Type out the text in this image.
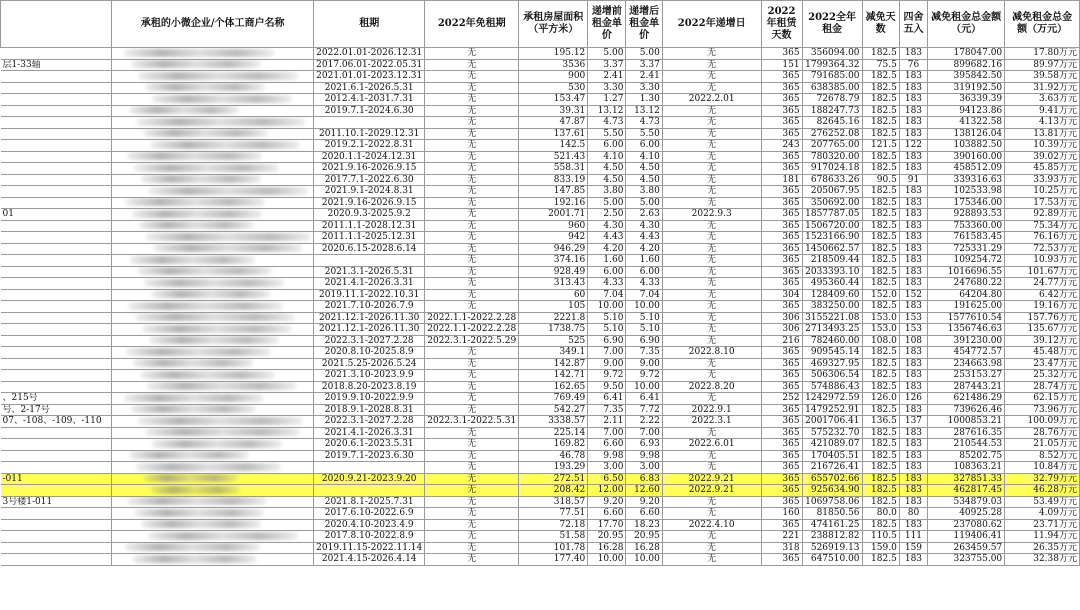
	承租的小微企业/个体工商户名称	租期	2022年免租期	承租房屋面积（平方米）	递增前租金单价	递增后租金单价	2022年递增日	2022年租赁天数	2022全年租金	减免天数	四舍五入	减免租金总金额（元）	减免租金总金额（万元）
		2022.01.01-2026.12.31	无	195.12	5.00	5.00	无	365	356094.00	182.5	183	178047.00	17.80万元
层1-33轴		2017.06.01-2022.05.31	无	3536	3.37	3.37	无	151	1799364.32	75.5	76	899682.16	89.97万元
		2021.01.01-2023.12.31	无	900	2.41	2.41	无	365	791685.00	182.5	183	395842.50	39.58万元
		2021.6.1-2026.5.31	无	530	3.30	3.30	无	365	638385.00	182.5	183	319192.50	31.92万元
		2012.4.1-2031.7.31	无	153.47	1.27	1.30	2022.2.01	365	72678.79	182.5	183	36339.39	3.63万元
		2019.7.1-2024.6.30	无	39.31	13.12	13.12	无	365	188247.73	182.5	183	94123.86	9.41万元
			无	47.87	4.73	4.73	无	365	82645.16	182.5	183	41322.58	4.13万元
		2011.10.1-2029.12.31	无	137.61	5.50	5.50	无	365	276252.08	182.5	183	138126.04	13.81万元
		2019.2.1-2022.8.31	无	142.5	6.00	6.00	无	243	207765.00	121.5	122	103882.50	10.39万元
		2020.1.1-2024.12.31	无	521.43	4.10	4.10	无	365	780320.00	182.5	183	390160.00	39.02万元
		2021.9.16-2026.9.15	无	558.31	4.50	4.50	无	365	917024.18	182.5	183	458512.09	45.85万元
		2017.7.1-2022.6.30	无	833.19	4.50	4.50	无	181	678633.26	90.5	91	339316.63	33.93万元
		2021.9.1-2024.8.31	无	147.85	3.80	3.80	无	365	205067.95	182.5	183	102533.98	10.25万元
		2021.9.16-2026.9.15	无	192.16	5.00	5.00	无	365	350692.00	182.5	183	175346.00	17.53万元
01		2020.9.3-2025.9.2	无	2001.71	2.50	2.63	2022.9.3	365	1857787.05	182.5	183	928893.53	92.89万元
		2011.1.1-2028.12.31	无	960	4.30	4.30	无	365	1506720.00	182.5	183	753360.00	75.34万元
		2011.1.1-2025.12.31	无	942	4.43	4.43	无	365	1523166.90	182.5	183	761583.45	76.16万元
		2020.6.15-2028.6.14	无	946.29	4.20	4.20	无	365	1450662.57	182.5	183	725331.29	72.53万元
			无	374.16	1.60	1.60	无	365	218509.44	182.5	183	109254.72	10.93万元
		2021.3.1-2026.5.31	无	928.49	6.00	6.00	无	365	2033393.10	182.5	183	1016696.55	101.67万元
		2021.4.1-2026.3.31	无	313.43	4.33	4.33	无	365	495360.44	182.5	183	247680.22	24.77万元
		2019.11.1-2022.10.31	无	60	7.04	7.04	无	304	128409.60	152.0	152	64204.80	6.42万元
		2021.7.10-2026.7.9	无	105	10.00	10.00	无	365	383250.00	182.5	183	191625.00	19.16万元
		2021.12.1-2026.11.30	2022.1.1-2022.2.28	2221.8	5.10	5.10	无	306	3155221.08	153.0	153	1577610.54	157.76万元
		2021.12.1-2026.11.30	2022.1.1-2022.2.28	1738.75	5.10	5.10	无	306	2713493.25	153.0	153	1356746.63	135.67万元
		2022.3.1-2027.2.28	2022.3.1-2022.5.29	525	6.90	6.90	无	216	782460.00	108.0	108	391230.00	39.12万元
		2020.8.10-2025.8.9	无	349.1	7.00	7.35	2022.8.10	365	909545.14	182.5	183	454772.57	45.48万元
		2021.5.25-2026.5.24	无	142.87	9.00	9.00	无	365	469327.95	182.5	183	234663.98	23.47万元
		2021.3.10-2023.9.9	无	142.71	9.72	9.72	无	365	506306.54	182.5	183	253153.27	25.32万元
		2018.8.20-2023.8.19	无	162.65	9.50	10.00	2022.8.20	365	574886.43	182.5	183	287443.21	28.74万元
、215号		2019.9.10-2022.9.9	无	769.49	6.41	6.41	无	252	1242972.59	126.0	126	621486.29	62.15万元
号、2-17号		2018.9.1-2028.8.31	无	542.27	7.35	7.72	2022.9.1	365	1479252.91	182.5	183	739626.46	73.96万元
07、-108、-109、-110		2022.3.1-2027.2.28	2022.3.1-2022.5.31	3338.57	2.11	2.22	2022.3.1	365	2001706.41	136.5	137	1000853.21	100.09万元
		2021.4.1-2026.3.31	无	225.14	7.00	7.00	无	365	575232.70	182.5	183	287616.35	28.76万元
		2020.6.1-2023.5.31	无	169.82	6.60	6.93	2022.6.01	365	421089.07	182.5	183	210544.53	21.05万元
		2019.7.1-2023.6.30	无	46.78	9.98	9.98	无	365	170405.51	182.5	183	85202.75	8.52万元
			无	193.29	3.00	3.00	无	365	216726.41	182.5	183	108363.21	10.84万元
-011		2020.9.21-2023.9.20	无	272.51	6.50	6.83	2022.9.21	365	655702.66	182.5	183	327851.33	32.79万元
			无	208.42	12.00	12.60	2022.9.21	365	925634.90	182.5	183	462817.45	46.28万元
3号楼1-011		2021.8.1-2025.7.31	无	318.57	9.20	9.20	无	365	1069758.06	182.5	183	534879.03	53.49万元
		2017.6.10-2022.6.9	无	77.51	6.60	6.60	无	160	81850.56	80.0	80	40925.28	4.09万元
		2020.4.10-2023.4.9	无	72.18	17.70	18.23	2022.4.10	365	474161.25	182.5	183	237080.62	23.71万元
		2017.8.10-2022.8.9	无	51.58	20.95	20.95	无	221	238812.82	110.5	111	119406.41	11.94万元
		2019.11.15-2022.11.14	无	101.78	16.28	16.28	无	318	526919.13	159.0	159	263459.57	26.35万元
		2021.4.15-2026.4.14	无	177.40	10.00	10.00	无	365	647510.00	182.5	183	323755.00	32.38万元
